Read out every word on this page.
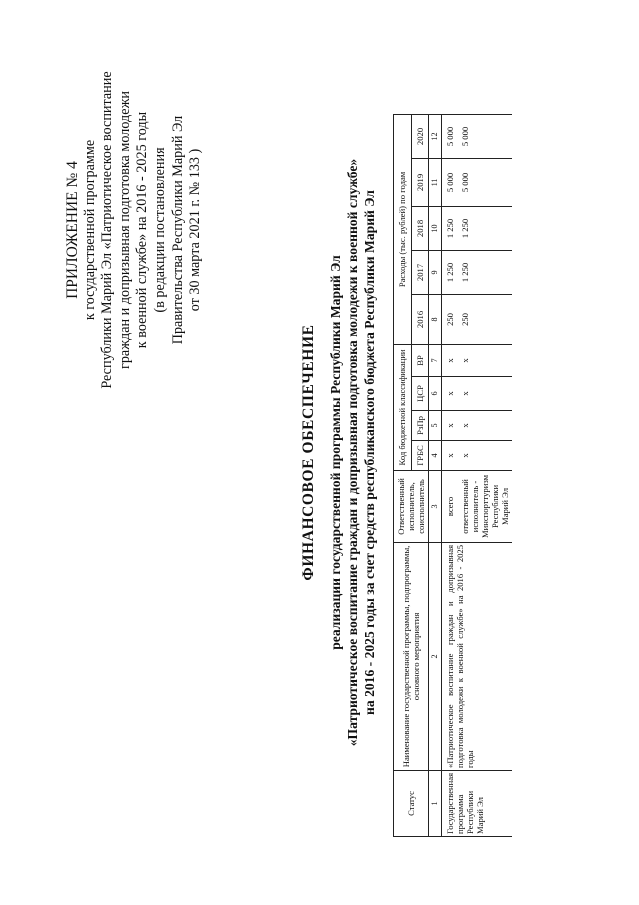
ПРИЛОЖЕНИЕ № 4 к государственной программе Республики Марий Эл «Патриотическое воспитание граждан и допризывная подготовка молодежи к военной службе» на 2016 - 2025 годы (в редакции постановления Правительства Республики Марий Эл от 30 марта 2021 г. № 133 )
ФИНАНСОВОЕ ОБЕСПЕЧЕНИЕ реализации государственной программы Республики Марий Эл «Патриотическое воспитание граждан и допризывная подготовка молодежи к военной службе» на 2016 - 2025 годы за счет средств республиканского бюджета Республики Марий Эл
Статус	Наименование государственной программы, подпрограммы, основного мероприятия	Ответственный исполнитель, соисполнитель	Код бюджетной классификации				Расходы (тыс. рублей) по годам				
			ГРБС	РзПр	ЦСР	ВР	2016	2017	2018	2019	2020
1	2	3	4	5	6	7	8	9	10	11	12
Государственная программа Республики Марий Эл	«Патриотическое воспитание граждан и допризывная подготовка молодежи к военной службе» на 2016 - 2025 годы	всего	х	х	х	х	250	1 250	1 250	5 000	5 000
		ответственный исполнитель - Минспорттуризм Республики Марий Эл	х	х	х	х	250	1 250	1 250	5 000	5 000
